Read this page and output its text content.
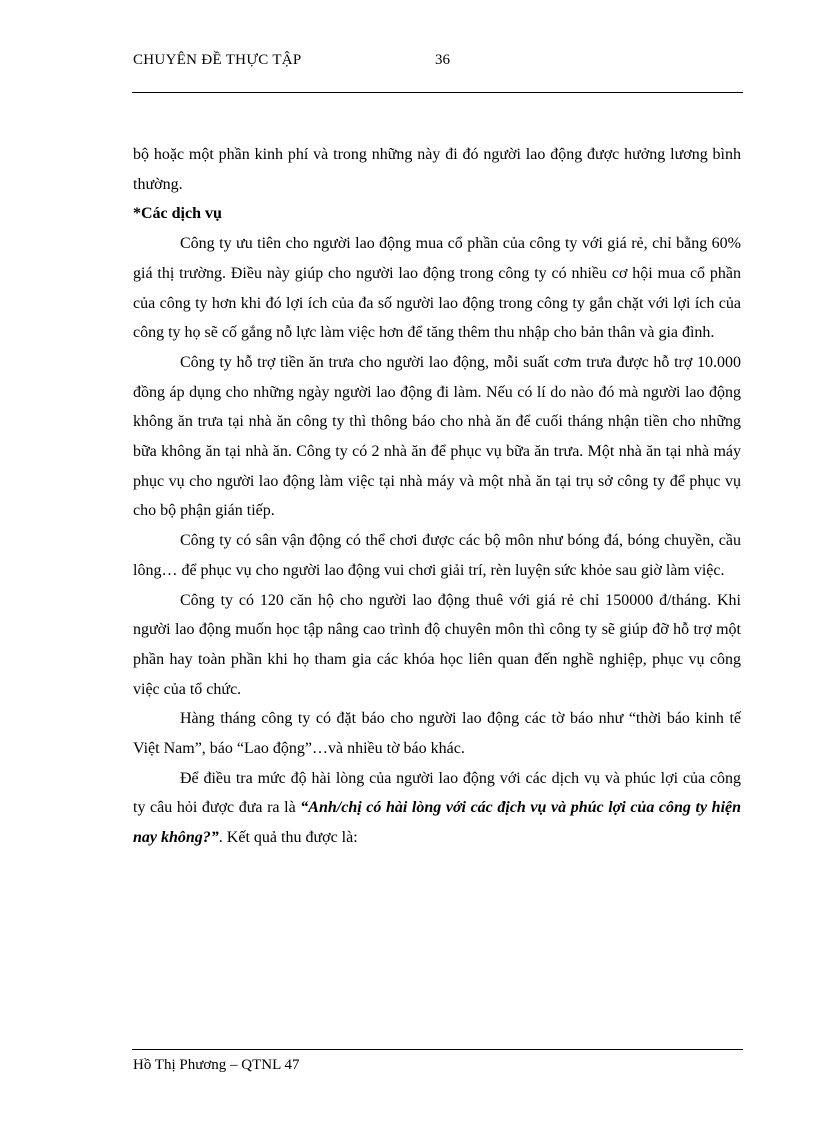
CHUYÊN ĐỀ THỰC TẬP	36

bộ hoặc một phần kinh phí và trong những này đi đó người lao động được hưởng lương bình thường.

*Các dịch vụ

Công ty ưu tiên cho người lao động mua cổ phần của công ty với giá rẻ, chỉ bằng 60% giá thị trường. Điều này giúp cho người lao động trong công ty có nhiều cơ hội mua cổ phần của công ty hơn khi đó lợi ích của đa số người lao động trong công ty gắn chặt với lợi ích của công ty họ sẽ cố gắng nỗ lực làm việc hơn để tăng thêm thu nhập cho bản thân và gia đình.

Công ty hỗ trợ tiền ăn trưa cho người lao động, mỗi suất cơm trưa được hỗ trợ 10.000 đồng áp dụng cho những ngày người lao động đi làm. Nếu có lí do nào đó mà người lao động không ăn trưa tại nhà ăn công ty thì thông báo cho nhà ăn để cuối tháng nhận tiền cho những bữa không ăn tại nhà ăn. Công ty có 2 nhà ăn để phục vụ bữa ăn trưa. Một nhà ăn tại nhà máy phục vụ cho người lao động làm việc tại nhà máy và một nhà ăn tại trụ sở công ty để phục vụ cho bộ phận gián tiếp.

Công ty có sân vận động có thể chơi được các bộ môn như bóng đá, bóng chuyền, cầu lông… để phục vụ cho người lao động vui chơi giải trí, rèn luyện sức khỏe sau giờ làm việc.

Công ty có 120 căn hộ cho người lao động thuê với giá rẻ chỉ 150000 đ/tháng. Khi người lao động muốn học tập nâng cao trình độ chuyên môn thì công ty sẽ giúp đỡ hỗ trợ một phần hay toàn phần khi họ tham gia các khóa học liên quan đến nghề nghiệp, phục vụ công việc của tổ chức.

Hàng tháng công ty có đặt báo cho người lao động các tờ báo như “thời báo kinh tế Việt Nam”, báo “Lao động”…và nhiều tờ báo khác.

Để điều tra mức độ hài lòng của người lao động với các dịch vụ và phúc lợi của công ty câu hỏi được đưa ra là “Anh/chị có hài lòng với các địch vụ và phúc lợi của công ty hiện nay không?”. Kết quả thu được là:

Hồ Thị Phương – QTNL 47
